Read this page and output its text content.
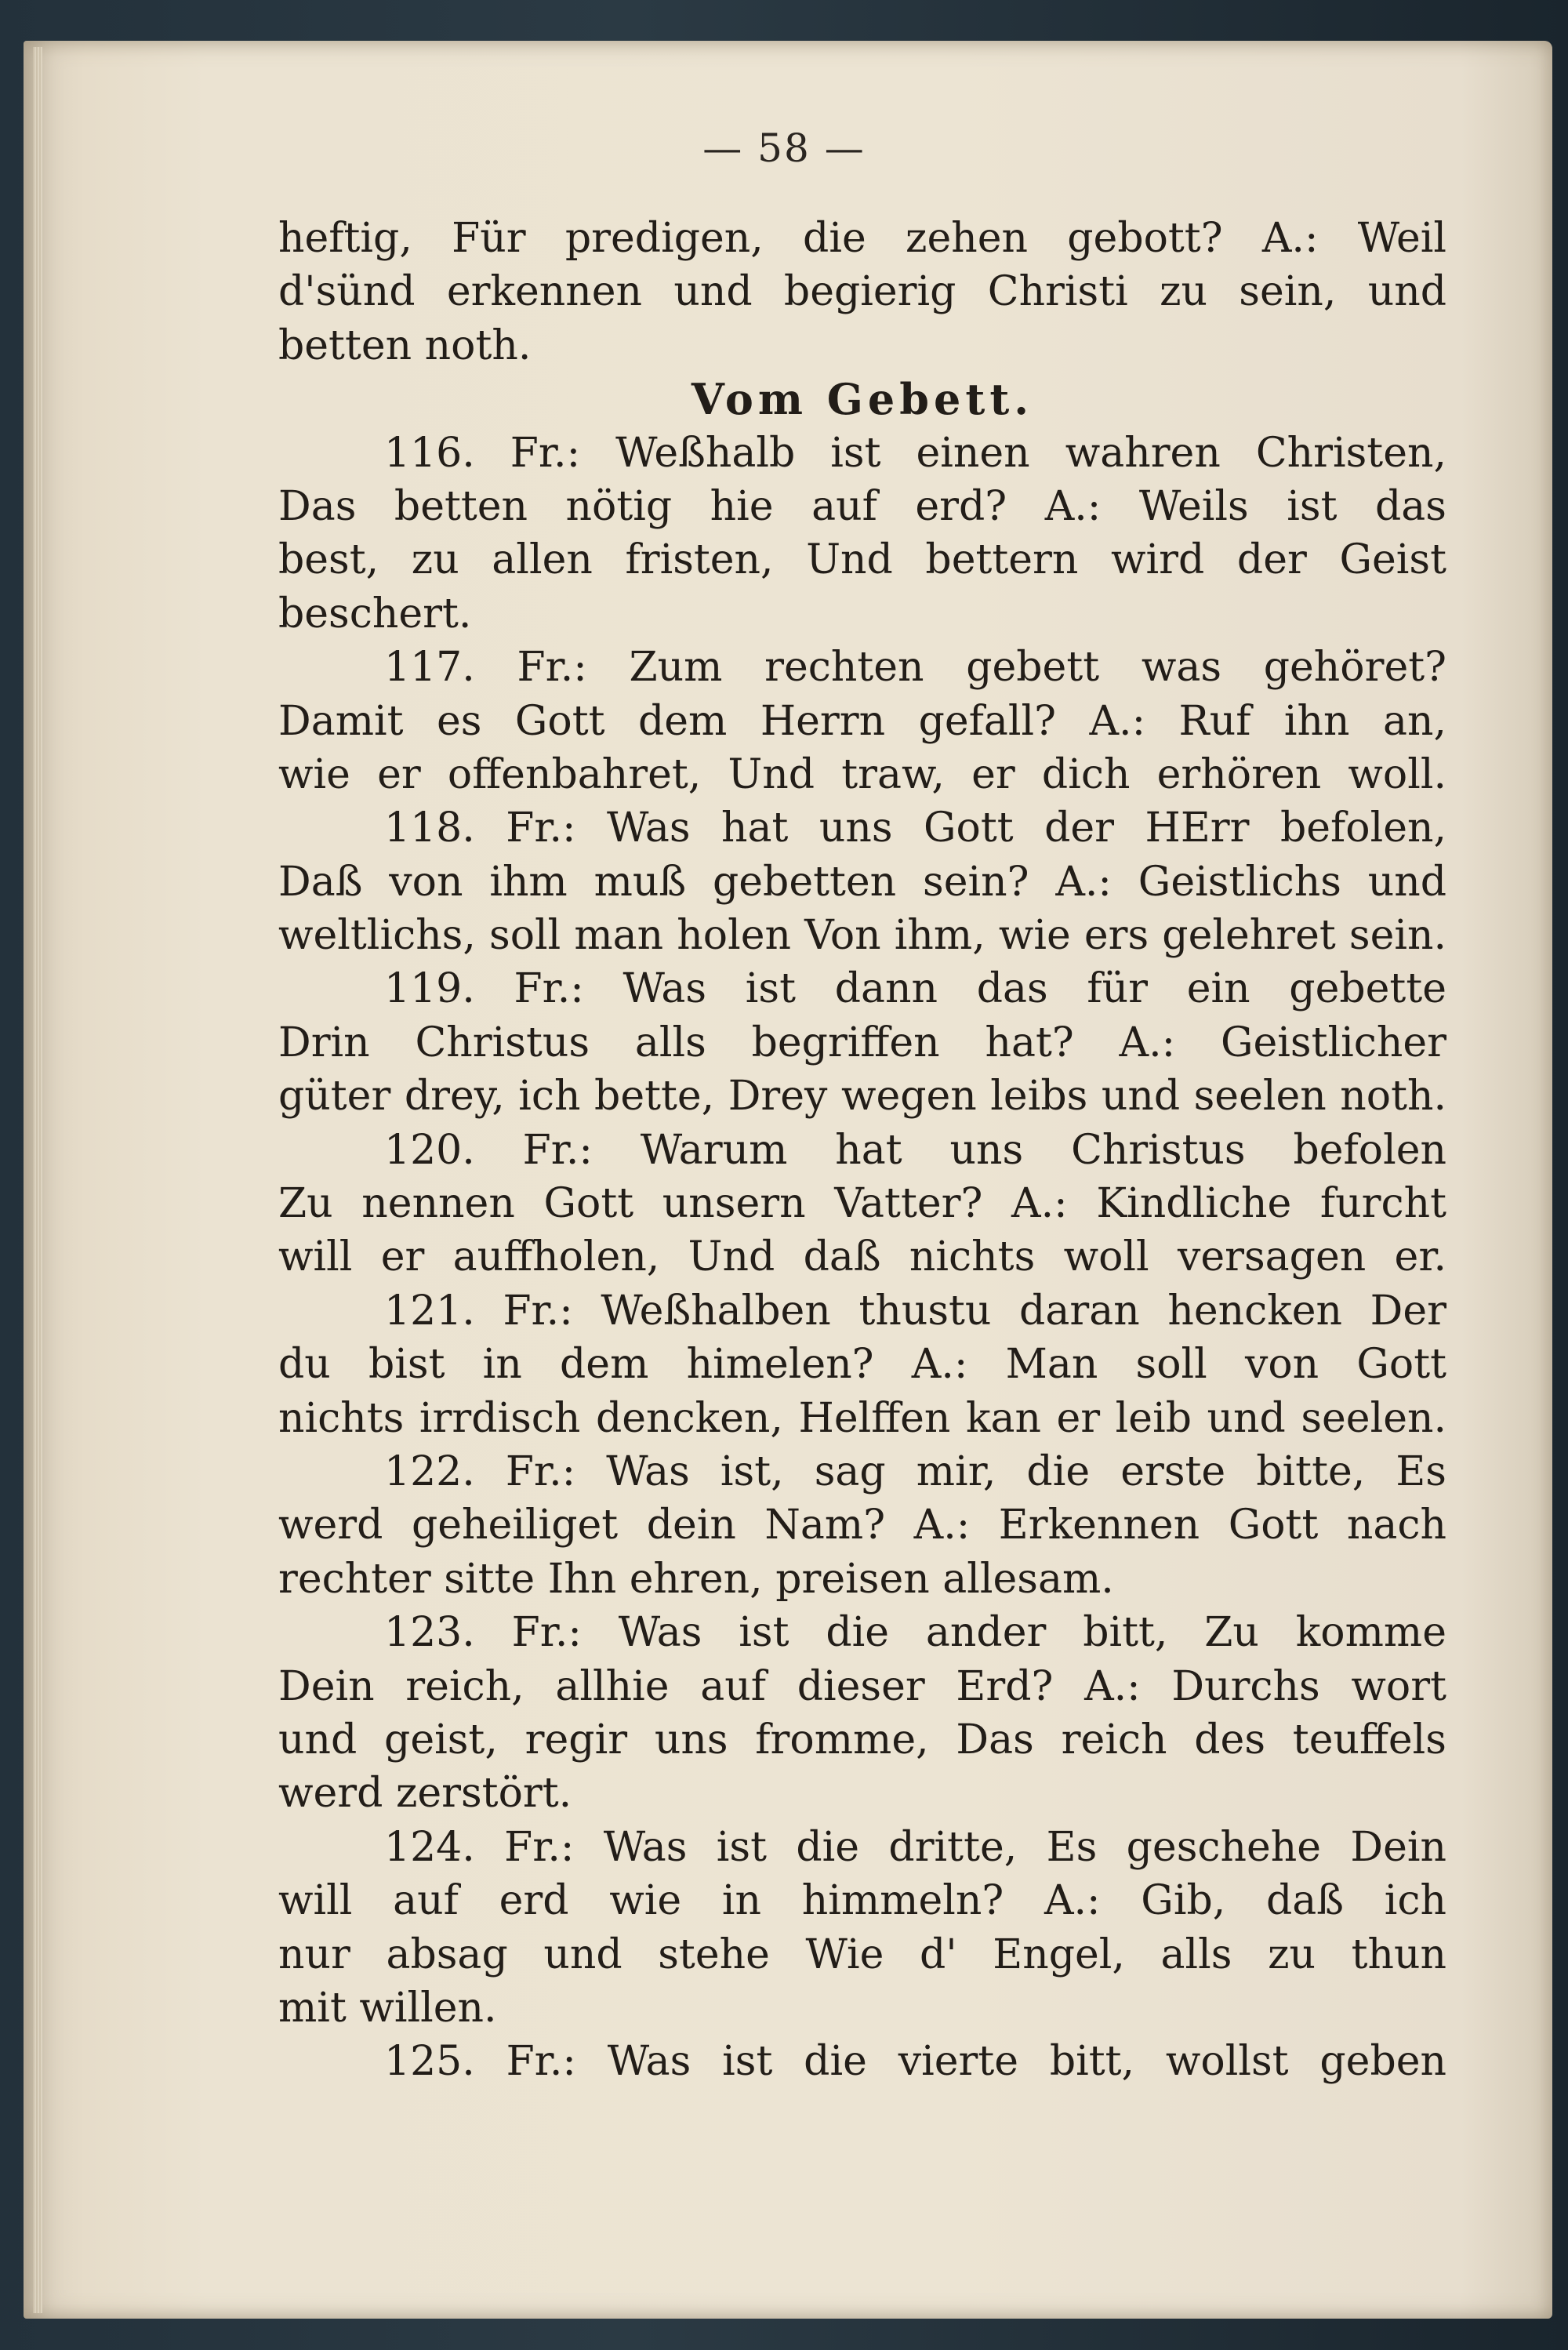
— 58 —
heftig, Für predigen, die zehen gebott? A.: Weil
d'sünd erkennen und begierig Christi zu sein, und
betten noth.
Vom Gebett.
116. Fr.: Weßhalb ist einen wahren Christen,
Das betten nötig hie auf erd? A.: Weils ist das
best, zu allen fristen, Und bettern wird der Geist
beschert.
117. Fr.: Zum rechten gebett was gehöret?
Damit es Gott dem Herrn gefall? A.: Ruf ihn an,
wie er offenbahret, Und traw, er dich erhören woll.
118. Fr.: Was hat uns Gott der HErr befolen,
Daß von ihm muß gebetten sein? A.: Geistlichs und
weltlichs, soll man holen Von ihm, wie ers gelehret sein.
119. Fr.: Was ist dann das für ein gebette
Drin Christus alls begriffen hat? A.: Geistlicher
güter drey, ich bette, Drey wegen leibs und seelen noth.
120. Fr.: Warum hat uns Christus befolen
Zu nennen Gott unsern Vatter? A.: Kindliche furcht
will er auffholen, Und daß nichts woll versagen er.
121. Fr.: Weßhalben thustu daran hencken Der
du bist in dem himelen? A.: Man soll von Gott
nichts irrdisch dencken, Helffen kan er leib und seelen.
122. Fr.: Was ist, sag mir, die erste bitte, Es
werd geheiliget dein Nam? A.: Erkennen Gott nach
rechter sitte Ihn ehren, preisen allesam.
123. Fr.: Was ist die ander bitt, Zu komme
Dein reich, allhie auf dieser Erd? A.: Durchs wort
und geist, regir uns fromme, Das reich des teuffels
werd zerstört.
124. Fr.: Was ist die dritte, Es geschehe Dein
will auf erd wie in himmeln? A.: Gib, daß ich
nur absag und stehe Wie d' Engel, alls zu thun
mit willen.
125. Fr.: Was ist die vierte bitt, wollst geben
